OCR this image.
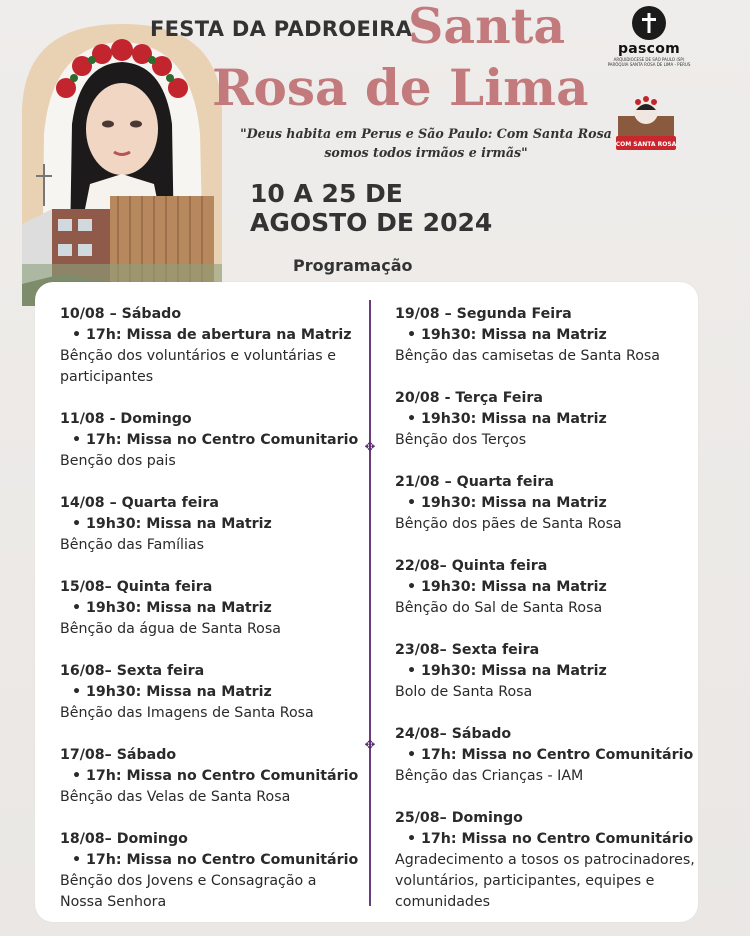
FESTA DA PADROEIRA
Santa
Rosa de Lima
"Deus habita em Perus e São Paulo: Com Santa Rosa somos todos irmãos e irmãs"
10 A 25 DE
AGOSTO DE 2024
pascom
ARQUIDIOCESE DE SÃO PAULO (SP) PARÓQUIA SANTA ROSA DE LIMA - PERUS
COM SANTA ROSA
Programação
✥
✥
10/08 – Sábado
• 17h: Missa de abertura na Matriz
Bênção dos voluntários e voluntárias e participantes
11/08 - Domingo
• 17h: Missa no Centro Comunitario
Benção dos pais
14/08 – Quarta feira
• 19h30: Missa na Matriz
Bênção das Famílias
15/08– Quinta feira
• 19h30: Missa na Matriz
Bênção da água de Santa Rosa
16/08– Sexta feira
• 19h30: Missa na Matriz
Bênção das Imagens de Santa Rosa
17/08– Sábado
• 17h: Missa no Centro Comunitário
Bênção das Velas de Santa Rosa
18/08– Domingo
• 17h: Missa no Centro Comunitário
Bênção dos Jovens e Consagração a Nossa Senhora
19/08 – Segunda Feira
• 19h30: Missa na Matriz
Bênção das camisetas de Santa Rosa
20/08 - Terça Feira
• 19h30: Missa na Matriz
Bênção dos Terços
21/08 – Quarta feira
• 19h30: Missa na Matriz
Bênção dos pães de Santa Rosa
22/08– Quinta feira
• 19h30: Missa na Matriz
Bênção do Sal de Santa Rosa
23/08– Sexta feira
• 19h30: Missa na Matriz
Bolo de Santa Rosa
24/08– Sábado
• 17h: Missa no Centro Comunitário
Bênção das Crianças - IAM
25/08– Domingo
• 17h: Missa no Centro Comunitário
Agradecimento a tosos os patrocinadores, voluntários, participantes, equipes e comunidades
